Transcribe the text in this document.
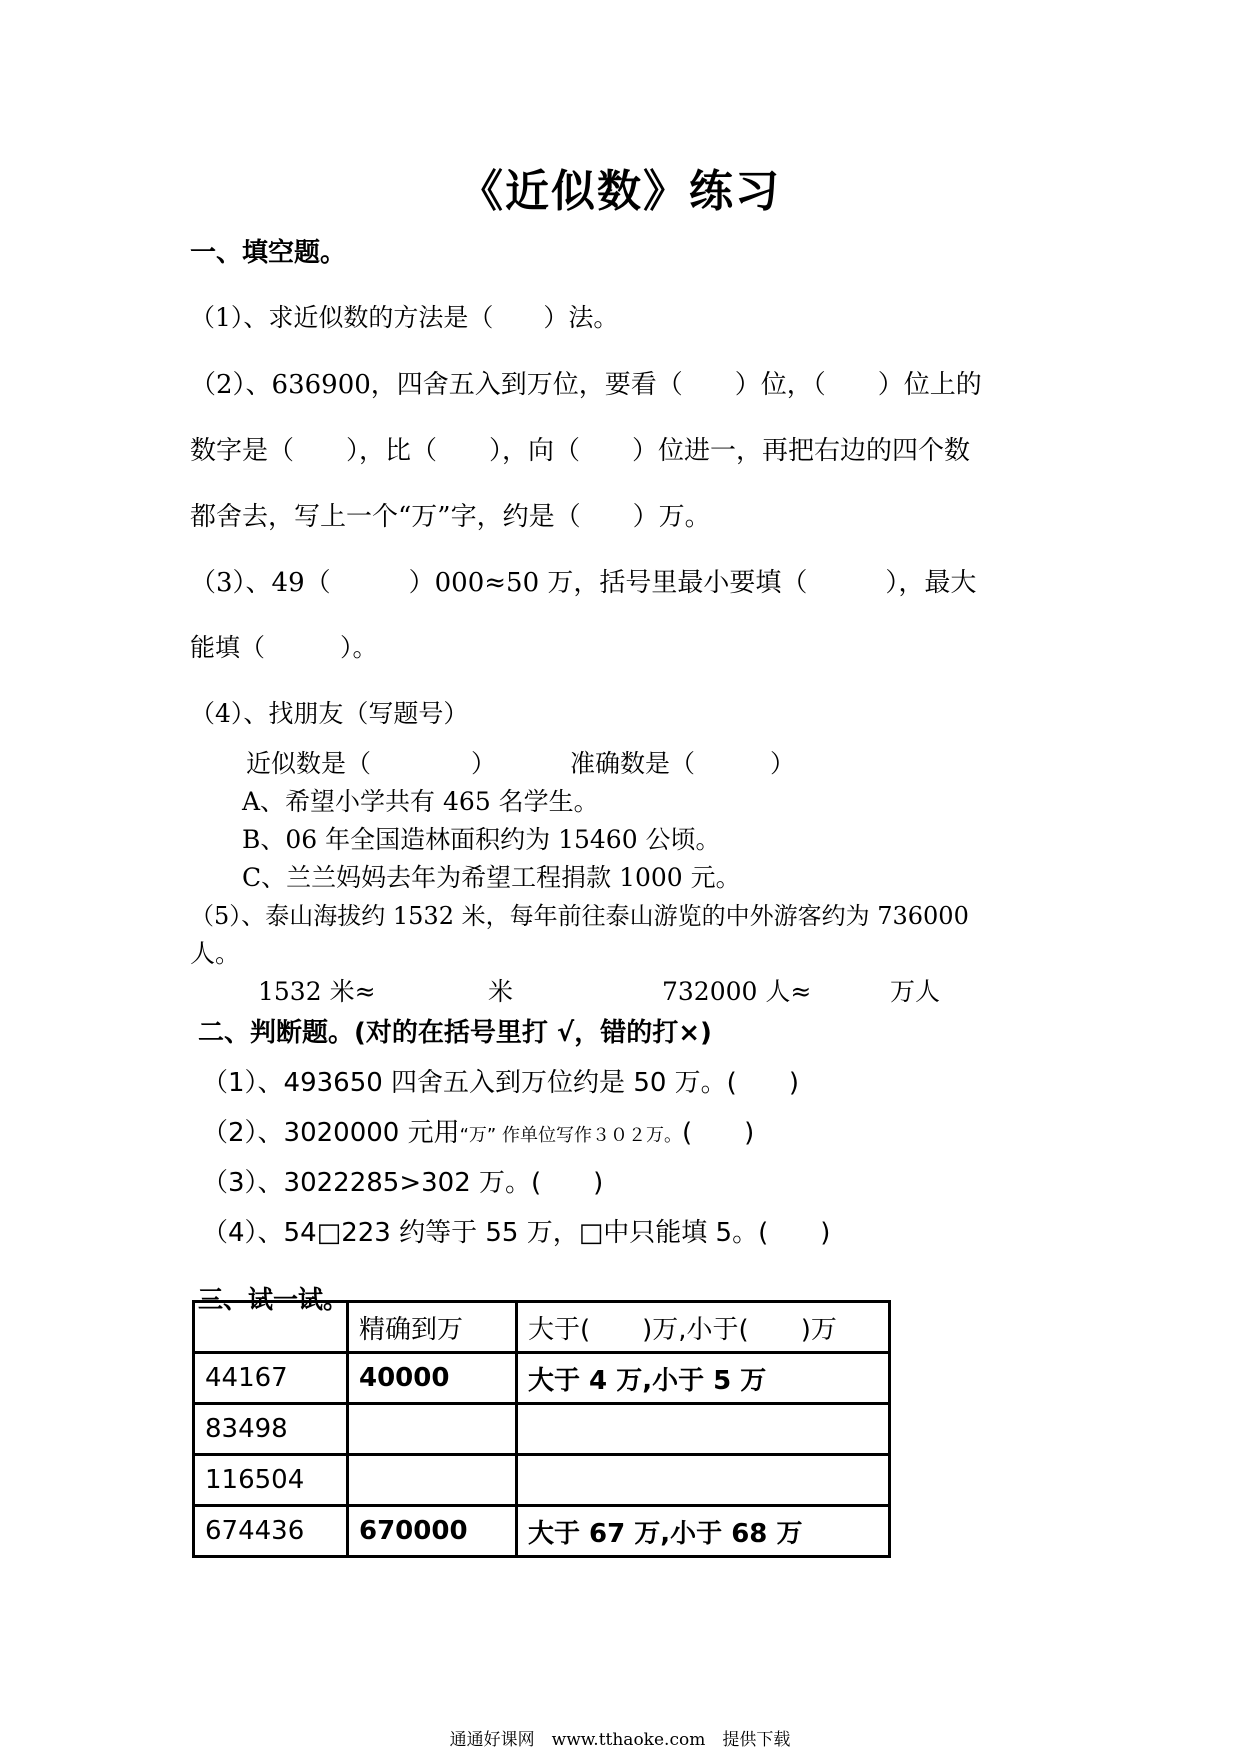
《近似数》练习
一、填空题。
（1）、求近似数的方法是（　　）法。
（2）、636900，四舍五入到万位，要看（　　）位，（　　）位上的
数字是（　　），比（　　），向（　　）位进一，再把右边的四个数
都舍去，写上一个“万”字，约是（　　）万。
（3）、49（　　　）000≈50 万，括号里最小要填（　　　），最大
能填（　　　）。
（4）、找朋友（写题号）
近似数是（　　　　）	准确数是（　　　）
A、希望小学共有 465 名学生。
B、06 年全国造林面积约为 15460 公顷。
C、兰兰妈妈去年为希望工程捐款 1000 元。
（5）、泰山海拔约 1532 米，每年前往泰山游览的中外游客约为 736000
人。
1532 米≈	米	732000 人≈	万人
二、判断题。(对的在括号里打 √，错的打×)
（1）、493650 四舍五入到万位约是 50 万。(　　)
（2）、3020000 元用“万” 作单位写作３０２万。(　　)
（3）、3022285>302 万。(　　)
（4）、54□223 约等于 55 万，□中只能填 5。(　　)
三、试一试。
	精确到万	大于(　　)万,小于(　　)万
44167	40000	大于 4 万,小于 5 万
83498		
116504		
674436	670000	大于 67 万,小于 68 万
通通好课网　www.tthaoke.com　提供下载
